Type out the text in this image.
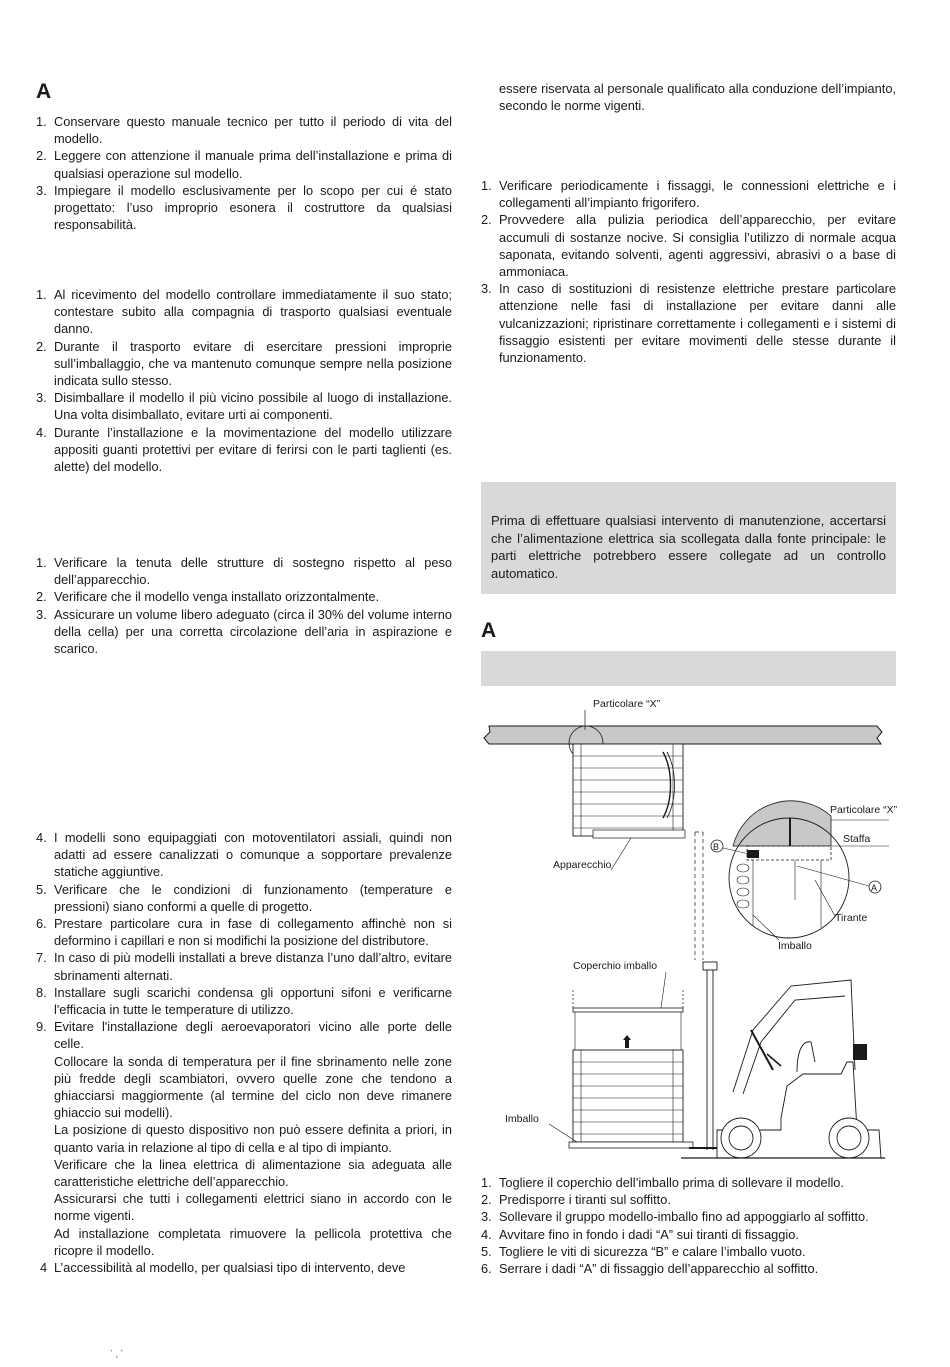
A

1. Conservare questo manuale tecnico per tutto il periodo di vita del modello.
2. Leggere con attenzione il manuale prima dell’installazione e prima di qualsiasi operazione sul modello.
3. Impiegare il modello esclusivamente per lo scopo per cui é stato progettato: l’uso improprio esonera il costruttore da qualsiasi responsabilità.
1. Al ricevimento del modello controllare immediatamente il suo stato; contestare subito alla compagnia di trasporto qualsiasi eventuale danno.
2. Durante il trasporto evitare di esercitare pressioni improprie sull’imballaggio, che va mantenuto comunque sempre nella posizione indicata sullo stesso.
3. Disimballare il modello il più vicino possibile al luogo di installazione. Una volta disimballato, evitare urti ai componenti.
4. Durante l’installazione e la movimentazione del modello utilizzare appositi guanti protettivi per evitare di ferirsi con le parti taglienti (es. alette) del modello.
1. Verificare la tenuta delle strutture di sostegno rispetto al peso dell’apparecchio.
2. Verificare che il modello venga installato orizzontalmente.
3. Assicurare un volume libero adeguato (circa il 30% del volume interno della cella) per una corretta circolazione dell’aria in aspirazione e scarico.
4. I modelli sono equipaggiati con motoventilatori assiali, quindi non adatti ad essere canalizzati o comunque a sopportare prevalenze statiche aggiuntive.
5. Verificare che le condizioni di funzionamento (temperature e pressioni) siano conformi a quelle di progetto.
6. Prestare particolare cura in fase di collegamento affinchè non si deformino i capillari e non si modifichi la posizione del distributore.
7. In caso di più modelli installati a breve distanza l’uno dall’altro, evitare sbrinamenti alternati.
8. Installare sugli scarichi condensa gli opportuni sifoni e verificarne l'efficacia in tutte le temperature di utilizzo.
9. Evitare l'installazione degli aeroevaporatori vicino alle porte delle celle.
Collocare la sonda di temperatura per il fine sbrinamento nelle zone più fredde degli scambiatori, ovvero quelle zone che tendono a ghiacciarsi maggiormente (al termine del ciclo non deve rimanere ghiaccio sui modelli).
La posizione di questo dispositivo non può essere definita a priori, in quanto varia in relazione al tipo di cella e al tipo di impianto.
Verificare che la linea elettrica di alimentazione sia adeguata alle caratteristiche elettriche dell’apparecchio.
Assicurarsi che tutti i collegamenti elettrici siano in accordo con le norme vigenti.
Ad installazione completata rimuovere la pellicola protettiva che ricopre il modello.
4 L’accessibilità al modello, per qualsiasi tipo di intervento, deve
essere riservata al personale qualificato alla conduzione dell’impianto, secondo le norme vigenti.
1. Verificare periodicamente i fissaggi, le connessioni elettriche e i collegamenti all’impianto frigorifero.
2. Provvedere alla pulizia periodica dell’apparecchio, per evitare accumuli di sostanze nocive. Si consiglia l’utilizzo di normale acqua saponata, evitando solventi, agenti aggressivi, abrasivi o a base di ammoniaca.
3. In caso di sostituzioni di resistenze elettriche prestare particolare attenzione nelle fasi di installazione per evitare danni alle vulcanizzazioni; ripristinare correttamente i collegamenti e i sistemi di fissaggio esistenti per evitare movimenti delle stesse durante il funzionamento.
Prima di effettuare qualsiasi intervento di manutenzione, accertarsi che l’alimentazione elettrica sia scollegata dalla fonte principale: le parti elettriche potrebbero essere collegate ad un controllo automatico.

A

Particolare “X”
Apparecchio
Particolare “X”
Staffa
B
A
Tirante
Imballo
Coperchio imballo
Imballo
1. Togliere il coperchio dell’imballo prima di sollevare il modello.
2. Predisporre i tiranti sul soffitto.
3. Sollevare il gruppo modello-imballo fino ad appoggiarlo al soffitto.
4. Avvitare fino in fondo i dadi “A” sui tiranti di fissaggio.
5. Togliere le viti di sicurezza “B” e calare l’imballo vuoto.
6. Serrare i dadi “A” di fissaggio dell’apparecchio al soffitto.
` , ´
